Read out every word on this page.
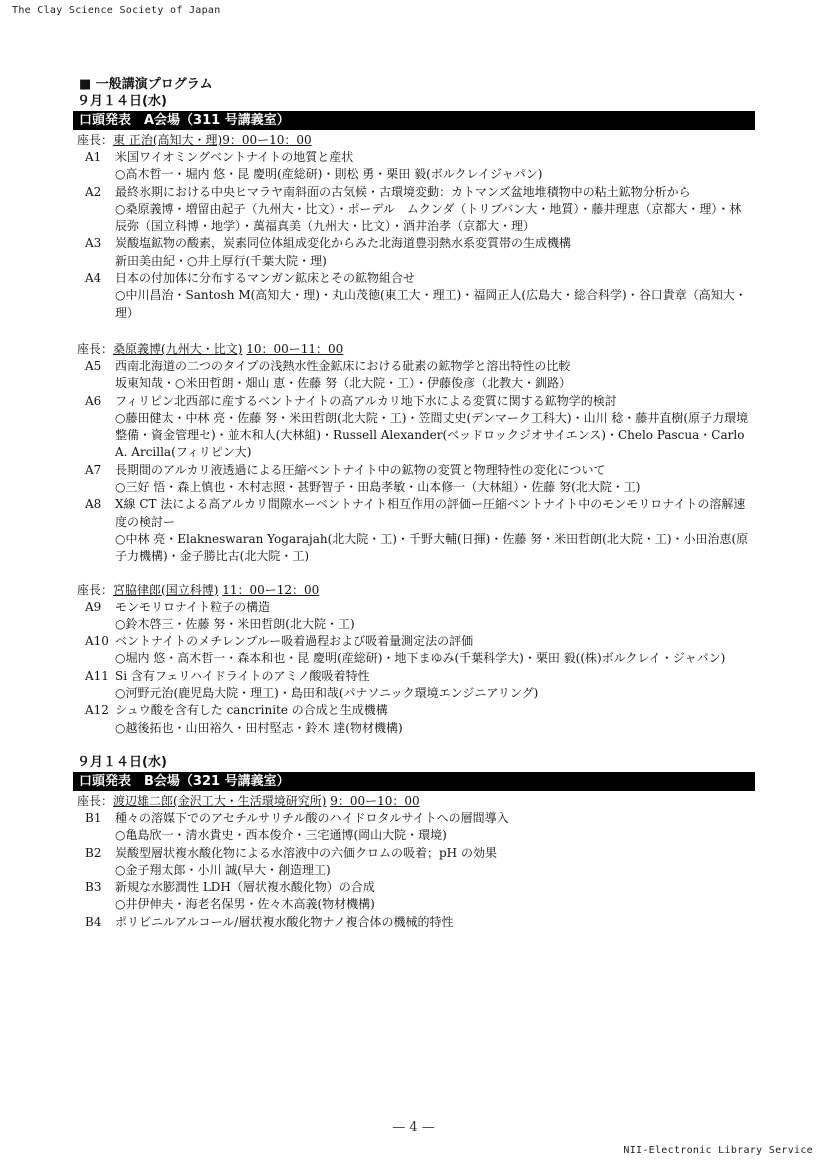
The Clay Science Society of Japan
■ 一般講演プログラム
９月１４日(水)
口頭発表　A会場（311 号講義室）
座長：東 正治(高知大・理)9：00ー10：00
A1	米国ワイオミングベントナイトの地質と産状
○高木哲一・堀内 悠・昆 慶明(産総研)・則松 勇・栗田 毅(ボルクレイジャパン)
A2	最終氷期における中央ヒマラヤ南斜面の古気候・古環境変動：カトマンズ盆地堆積物中の粘土鉱物分析から
○桑原義博・増留由起子（九州大・比文）・ポーデル　ムクンダ（トリブバン大・地質）・藤井理恵（京都大・理）・林 辰弥（国立科博・地学）・萬福真美（九州大・比文）・酒井治孝（京都大・理）
A3	炭酸塩鉱物の酸素，炭素同位体組成変化からみた北海道豊羽熱水系変質帯の生成機構
新田美由紀・○井上厚行(千葉大院・理)
A4	日本の付加体に分布するマンガン鉱床とその鉱物組合せ
○中川昌治・Santosh M(高知大・理)・丸山茂徳(東工大・理工)・福岡正人(広島大・総合科学)・谷口貴章（高知大・理）
座長：桑原義博(九州大・比文) 10：00ー11：00
A5	西南北海道の二つのタイプの浅熱水性金鉱床における砒素の鉱物学と溶出特性の比較
坂東知哉・○米田哲朗・畑山 恵・佐藤 努（北大院・工）・伊藤俊彦（北教大・釧路）
A6	フィリピン北西部に産するベントナイトの高アルカリ地下水による変質に関する鉱物学的検討
○藤田健太・中林 亮・佐藤 努・米田哲朗(北大院・工)・笠間丈史(デンマーク工科大)・山川 稔・藤井直樹(原子力環境整備・資金管理セ)・並木和人(大林組)・Russell Alexander(ベッドロックジオサイエンス)・Chelo Pascua・Carlo A. Arcilla(フィリピン大)
A7	長期間のアルカリ液透過による圧縮ベントナイト中の鉱物の変質と物理特性の変化について
○三好 悟・森上慎也・木村志照・甚野智子・田島孝敏・山本修一（大林組）・佐藤 努(北大院・工)
A8	X線 CT 法による高アルカリ間隙水ーベントナイト相互作用の評価ー圧縮ベントナイト中のモンモリロナイトの溶解速度の検討ー
○中林 亮・Elakneswaran Yogarajah(北大院・工)・千野大輔(日揮)・佐藤 努・米田哲朗(北大院・工)・小田治恵(原子力機構)・金子勝比古(北大院・工)
座長：宮脇律郎(国立科博) 11：00ー12：00
A9	モンモリロナイト粒子の構造
○鈴木啓三・佐藤 努・米田哲朗(北大院・工)
A10 ベントナイトのメチレンブルー吸着過程および吸着量測定法の評価
○堀内 悠・高木哲一・森本和也・昆 慶明(産総研)・地下まゆみ(千葉科学大)・栗田 毅((株)ボルクレイ・ジャパン)
A11 Si 含有フェリハイドライトのアミノ酸吸着特性
○河野元治(鹿児島大院・理工)・島田和哉(パナソニック環境エンジニアリング)
A12 シュウ酸を含有した cancrinite の合成と生成機構
○越後拓也・山田裕久・田村堅志・鈴木 達(物材機構)
９月１４日(水)
口頭発表　B会場（321 号講義室）
座長：渡辺雄二郎(金沢工大・生活環境研究所) 9：00ー10：00
B1	種々の溶媒下でのアセチルサリチル酸のハイドロタルサイトへの層間導入
○亀島欣一・清水貴史・西本俊介・三宅通博(岡山大院・環境)
B2	炭酸型層状複水酸化物による水溶液中の六価クロムの吸着；pH の効果
○金子翔太郎・小川 誠(早大・創造理工)
B3	新規な水膨潤性 LDH（層状複水酸化物）の合成
○井伊伸夫・海老名保男・佐々木高義(物材機構)
B4	ポリビニルアルコール/層状複水酸化物ナノ複合体の機械的特性
— 4 —
NII-Electronic Library Service
